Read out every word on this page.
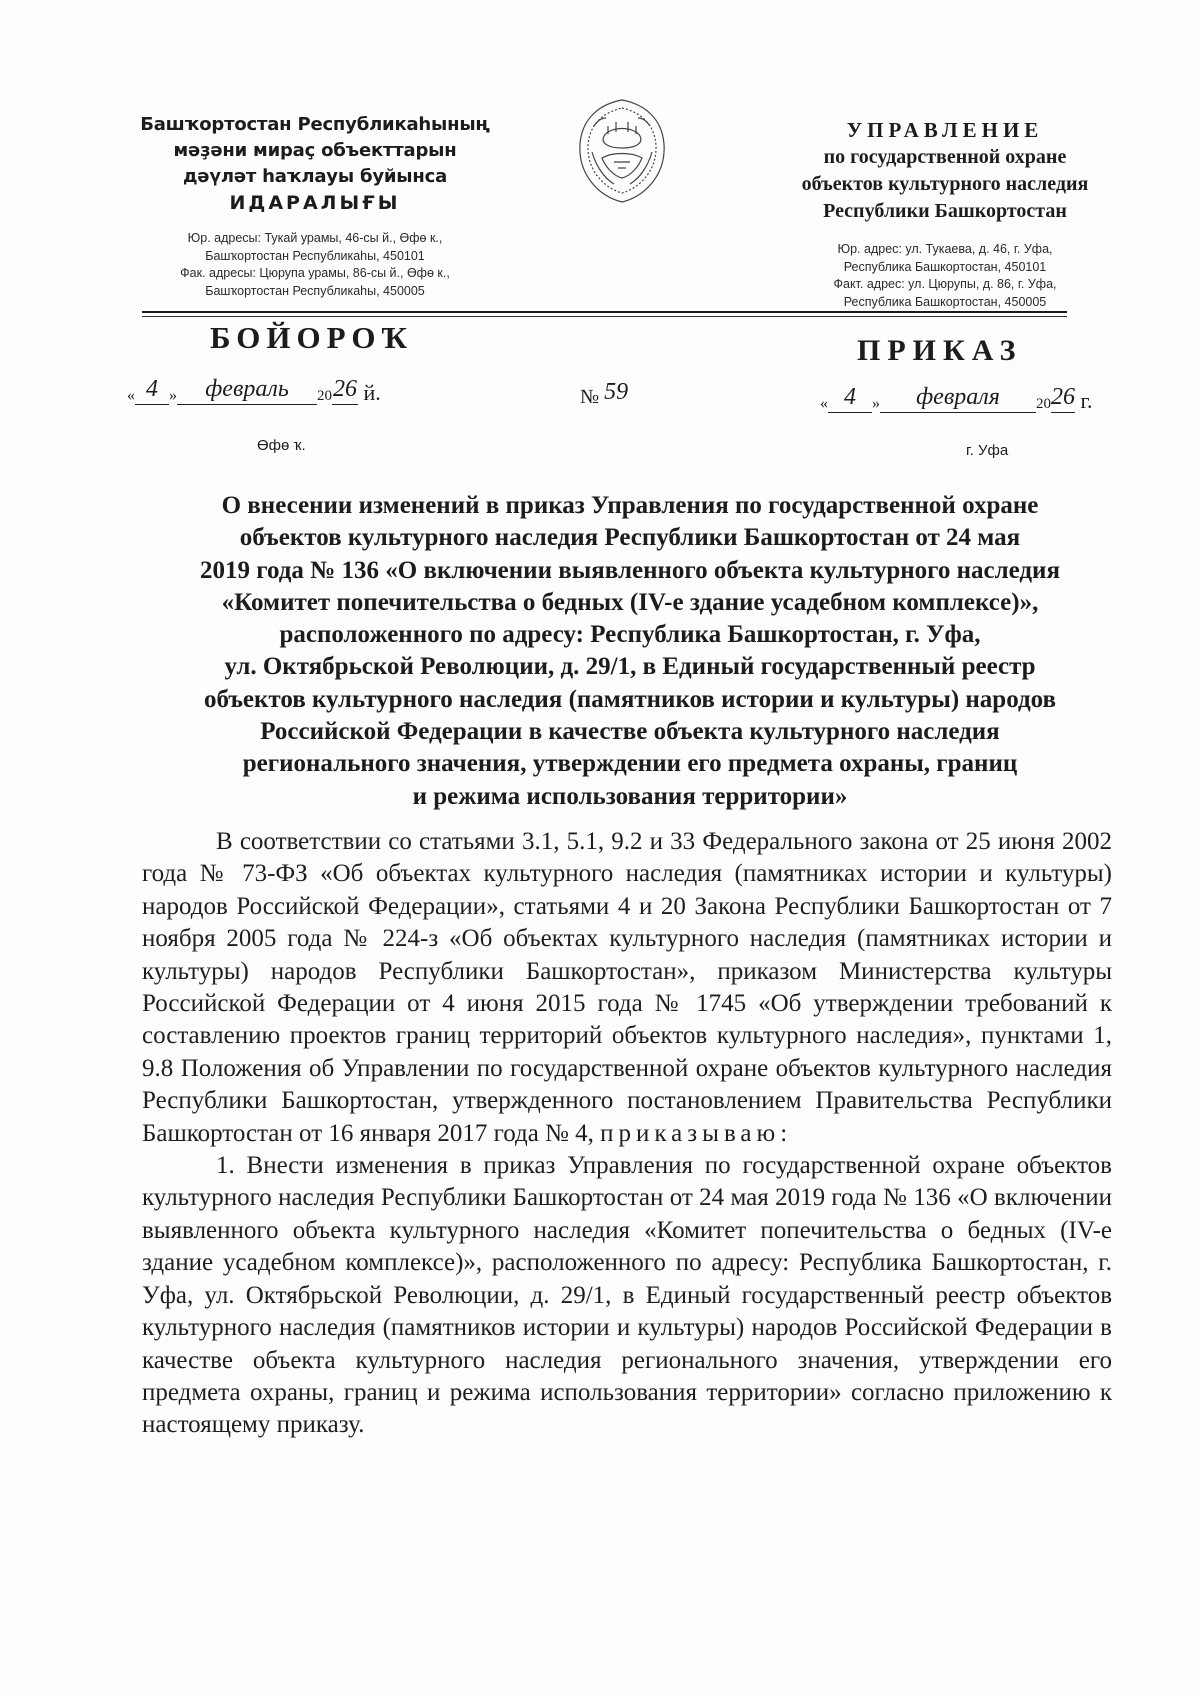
Башҡортостан Республикаһының
мәҙәни мираҫ объекттарын
дәүләт һаҡлауы буйынса
ИДАРАЛЫҒЫ
Юр. адресы: Тукай урамы, 46-сы й., Өфө к.,
Башҡортостан Республикаһы, 450101
Фак. адресы: Цюрупа урамы, 86-сы й., Өфө к.,
Башҡортостан Республикаһы, 450005
УПРАВЛЕНИЕ
по государственной охране
объектов культурного наследия
Республики Башкортостан
Юр. адрес: ул. Тукаева, д. 46, г. Уфа,
Республика Башкортостан, 450101
Факт. адрес: ул. Цюрупы, д. 86, г. Уфа,
Республика Башкортостан, 450005
БОЙОРОҠ	ПРИКАЗ
« 4 » февраль 2026 й.	№ 59	« 4 » февраля 2026 г.
Өфө ҡ.	г. Уфа

О внесении изменений в приказ Управления по государственной охране

объектов культурного наследия Республики Башкортостан от 24 мая

2019 года № 136 «О включении выявленного объекта культурного наследия

«Комитет попечительства о бедных (IV-е здание усадебном комплексе)»,

расположенного по адресу: Республика Башкортостан, г. Уфа,

ул. Октябрьской Революции, д. 29/1, в Единый государственный реестр

объектов культурного наследия (памятников истории и культуры) народов

Российской Федерации в качестве объекта культурного наследия

регионального значения, утверждении его предмета охраны, границ

и режима использования территории»

В соответствии со статьями 3.1, 5.1, 9.2 и 33 Федерального закона от 25 июня 2002 года № 73-ФЗ «Об объектах культурного наследия (памятниках истории и культуры) народов Российской Федерации», статьями 4 и 20 Закона Республики Башкортостан от 7 ноября 2005 года № 224-з «Об объектах культурного наследия (памятниках истории и культуры) народов Республики Башкортостан», приказом Министерства культуры Российской Федерации от 4 июня 2015 года № 1745 «Об утверждении требований к составлению проектов границ территорий объектов культурного наследия», пунктами 1, 9.8 Положения об Управлении по государственной охране объектов культурного наследия Республики Башкортостан, утвержденного постановлением Правительства Республики Башкортостан от 16 января 2017 года № 4, приказываю:

1. Внести изменения в приказ Управления по государственной охране объектов культурного наследия Республики Башкортостан от 24 мая 2019 года № 136 «О включении выявленного объекта культурного наследия «Комитет попечительства о бедных (IV-е здание усадебном комплексе)», расположенного по адресу: Республика Башкортостан, г. Уфа, ул. Октябрьской Революции, д. 29/1, в Единый государственный реестр объектов культурного наследия (памятников истории и культуры) народов Российской Федерации в качестве объекта культурного наследия регионального значения, утверждении его предмета охраны, границ и режима использования территории» согласно приложению к настоящему приказу.
